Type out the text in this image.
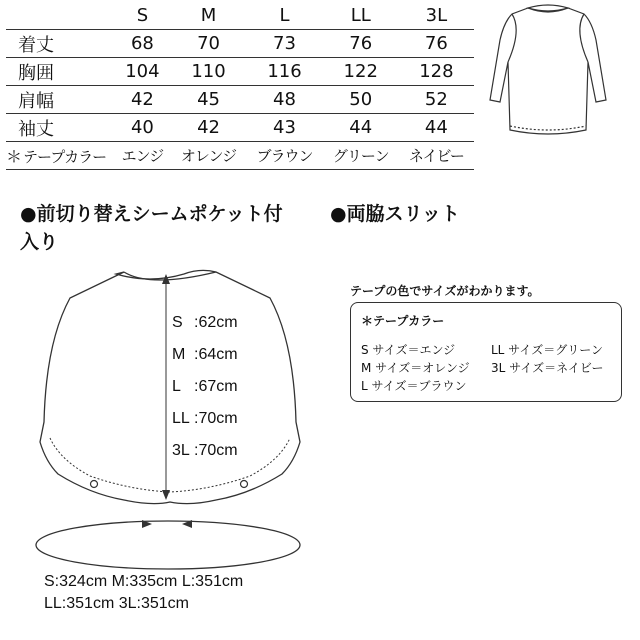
	S	M	L	LL	3L
着丈	68	70	73	76	76
胸囲	104	110	116	122	128
肩幅	42	45	48	50	52
袖丈	40	42	43	44	44
＊ テープカラー	エンジ	オレンジ	ブラウン	グリーン	ネイビー
●前切り替えシームポケット付
入り
●両脇スリット
S :62cm
M :64cm
L :67cm
LL :70cm
3L :70cm
S:324cm M:335cm L:351cm
LL:351cm 3L:351cm
テープの色でサイズがわかります。
＊テープカラー
S サイズ＝エンジ	LL サイズ＝グリーン
M サイズ＝オレンジ 3L サイズ＝ネイビー
L サイズ＝ブラウン
